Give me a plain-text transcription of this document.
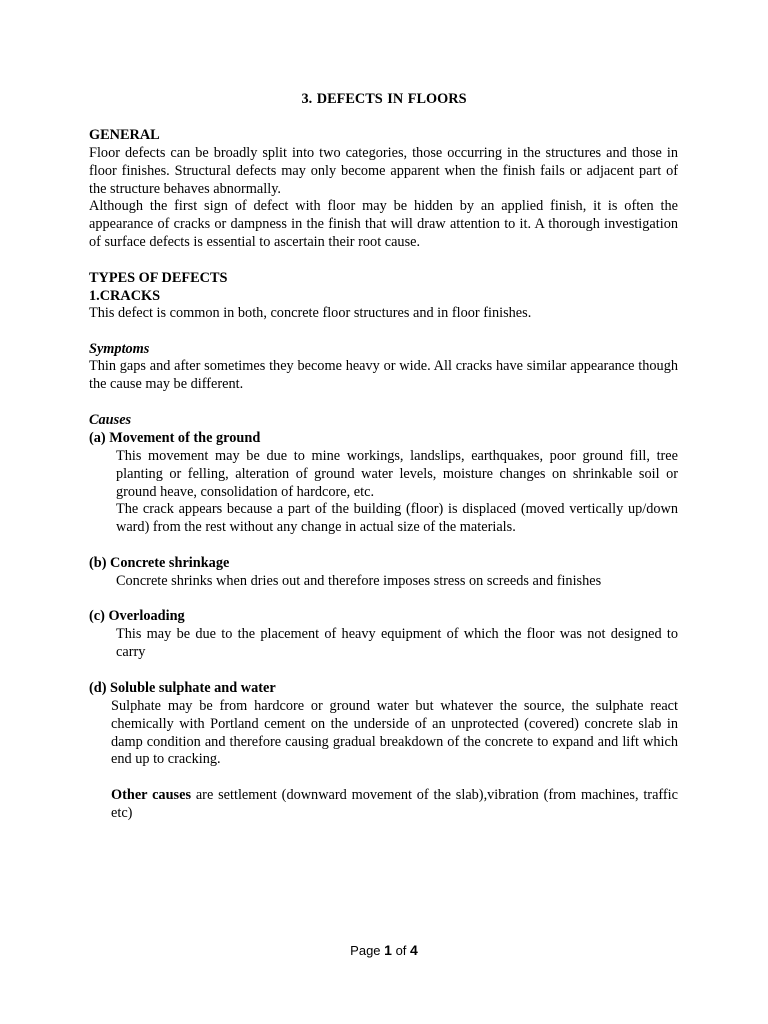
3. DEFECTS IN FLOORS
GENERAL
Floor defects can be broadly split into two categories, those occurring in the structures and those in floor finishes. Structural defects may only become apparent when the finish fails or adjacent part of the structure behaves abnormally.
Although the first sign of defect with floor may be hidden by an applied finish, it is often the appearance of cracks or dampness in the finish that will draw attention to it. A thorough investigation of surface defects is essential to ascertain their root cause.
TYPES OF DEFECTS
1.CRACKS
This defect is common in both, concrete floor structures and in floor finishes.
Symptoms
Thin gaps and after sometimes they become heavy or wide. All cracks have similar appearance though the cause may be different.
Causes
(a) Movement of the ground
This movement may be due to mine workings, landslips, earthquakes, poor ground fill, tree planting or felling, alteration of ground water levels, moisture changes on shrinkable soil or ground heave, consolidation of hardcore, etc.
The crack appears because a part of the building (floor) is displaced (moved vertically up/down ward) from the rest without any change in actual size of the materials.
(b) Concrete shrinkage
Concrete shrinks when dries out and therefore imposes stress on screeds and finishes
(c) Overloading
This may be due to the placement of heavy equipment of which the floor was not designed to carry
(d) Soluble sulphate and water
Sulphate may be from hardcore or ground water but whatever the source, the sulphate react chemically with Portland cement on the underside of an unprotected (covered) concrete slab in damp condition and therefore causing gradual breakdown of the concrete to expand and lift which end up to cracking.
Other causes are settlement (downward movement of the slab),vibration (from machines, traffic etc)
Page 1 of 4
